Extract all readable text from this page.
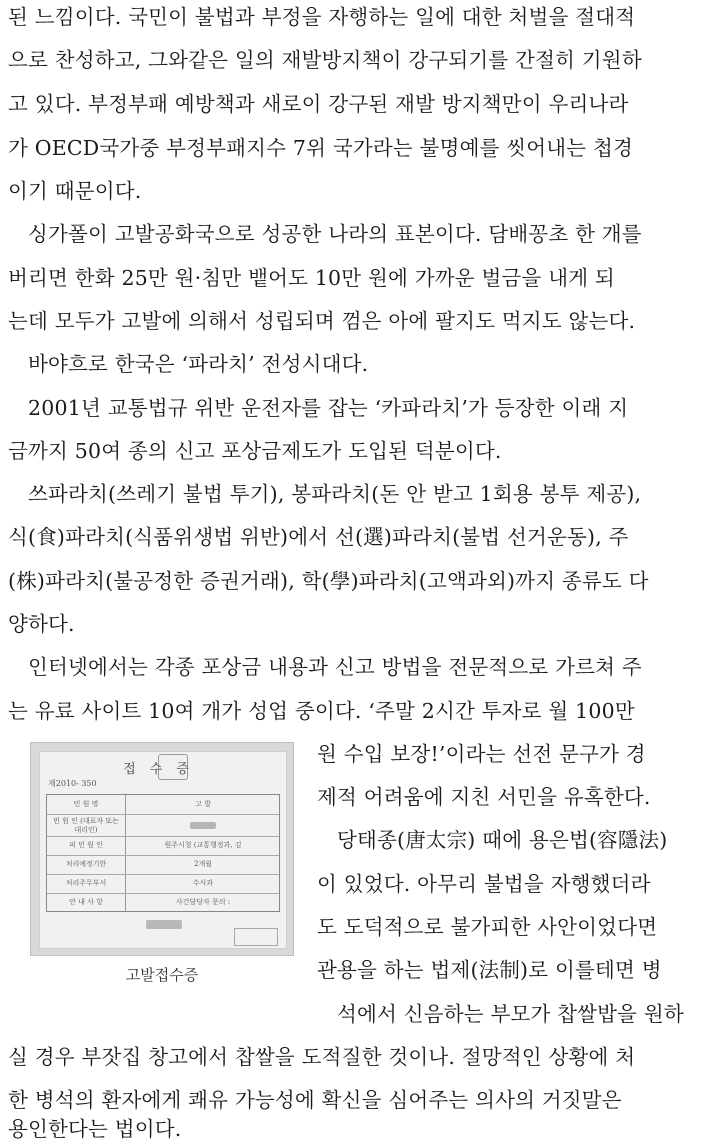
된 느낌이다. 국민이 불법과 부정을 자행하는 일에 대한 처벌을 절대적
으로 찬성하고, 그와같은 일의 재발방지책이 강구되기를 간절히 기원하
고 있다. 부정부패 예방책과 새로이 강구된 재발 방지책만이 우리나라
가 OECD국가중 부정부패지수 7위 국가라는 불명예를 씻어내는 첩경
이기 때문이다.
싱가폴이 고발공화국으로 성공한 나라의 표본이다. 담배꽁초 한 개를
버리면 한화 25만 원·침만 뱉어도 10만 원에 가까운 벌금을 내게 되
는데 모두가 고발에 의해서 성립되며 껌은 아에 팔지도 먹지도 않는다.
바야흐로 한국은 ‘파라치’ 전성시대다.
2001년 교통법규 위반 운전자를 잡는 ‘카파라치’가 등장한 이래 지
금까지 50여 종의 신고 포상금제도가 도입된 덕분이다.
쓰파라치(쓰레기 불법 투기), 봉파라치(돈 안 받고 1회용 봉투 제공),
식(食)파라치(식품위생법 위반)에서 선(選)파라치(불법 선거운동), 주
(株)파라치(불공정한 증권거래), 학(學)파라치(고액과외)까지 종류도 다
양하다.
인터넷에서는 각종 포상금 내용과 신고 방법을 전문적으로 가르쳐 주
는 유료 사이트 10여 개가 성업 중이다. ‘주말 2시간 투자로 월 100만
원 수입 보장!’이라는 선전 문구가 경
제적 어려움에 지친 서민을 유혹한다.
당태종(唐太宗) 때에 용은법(容隱法)
이 있었다. 아무리 불법을 자행했더라
도 도덕적으로 불가피한 사안이었다면
관용을 하는 법제(法制)로 이를테면 병
석에서 신음하는 부모가 찹쌀밥을 원하
실 경우 부잣집 창고에서 찹쌀을 도적질한 것이나. 절망적인 상황에 처
한 병석의 환자에게 쾌유 가능성에 확신을 심어주는 의사의 거짓말은
용인한다는 법이다.
접수증
제2010- 350
민 원 명	고 발
민 원 인 (대표자 또는 대리인)
피 민 원 인	원주시청 (교통행정과, 김
처리예정기한	2개월
처리주무부서	수사과
안 내 사 항	사건담당자 문의 :
고발접수증
